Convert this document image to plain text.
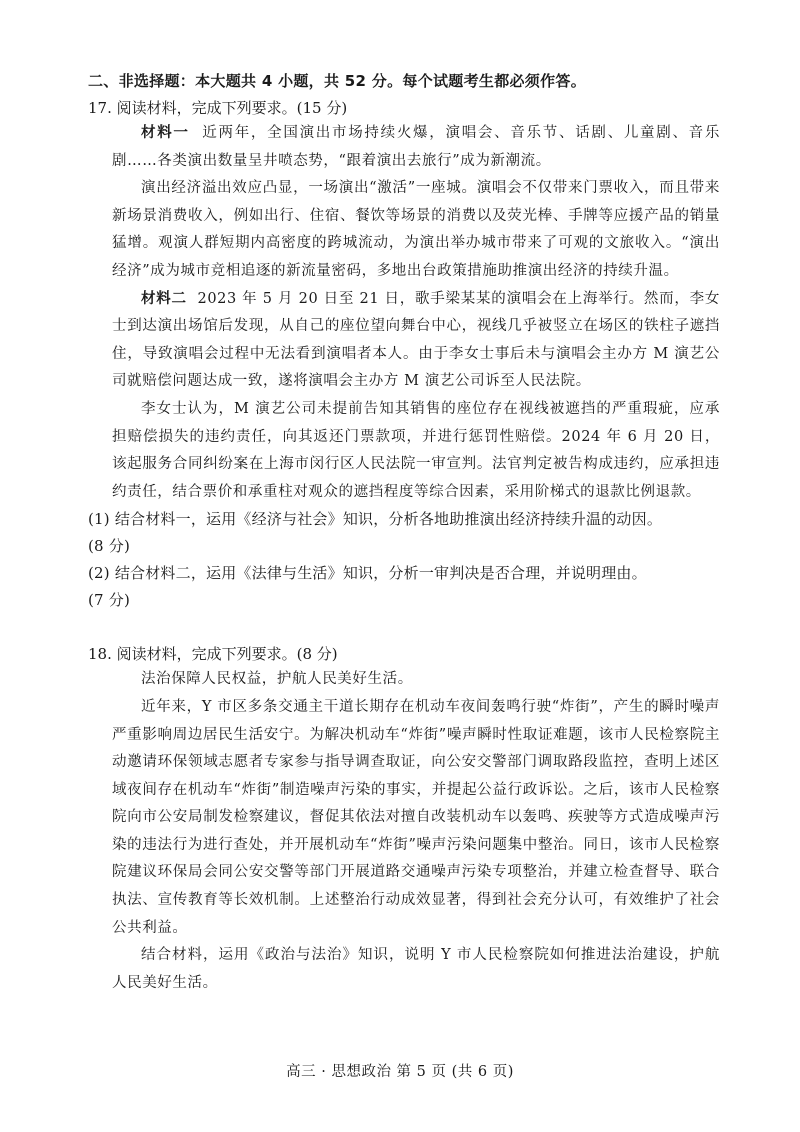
二、非选择题：本大题共 4 小题，共 52 分。每个试题考生都必须作答。

17. 阅读材料，完成下列要求。(15 分)

材料一 近两年，全国演出市场持续火爆，演唱会、音乐节、话剧、儿童剧、音乐剧……各类演出数量呈井喷态势，“跟着演出去旅行”成为新潮流。

演出经济溢出效应凸显，一场演出“激活”一座城。演唱会不仅带来门票收入，而且带来新场景消费收入，例如出行、住宿、餐饮等场景的消费以及荧光棒、手牌等应援产品的销量猛增。观演人群短期内高密度的跨城流动，为演出举办城市带来了可观的文旅收入。“演出经济”成为城市竞相追逐的新流量密码，多地出台政策措施助推演出经济的持续升温。

材料二 2023 年 5 月 20 日至 21 日，歌手梁某某的演唱会在上海举行。然而，李女士到达演出场馆后发现，从自己的座位望向舞台中心，视线几乎被竖立在场区的铁柱子遮挡住，导致演唱会过程中无法看到演唱者本人。由于李女士事后未与演唱会主办方 M 演艺公司就赔偿问题达成一致，遂将演唱会主办方 M 演艺公司诉至人民法院。

李女士认为，M 演艺公司未提前告知其销售的座位存在视线被遮挡的严重瑕疵，应承担赔偿损失的违约责任，向其返还门票款项，并进行惩罚性赔偿。2024 年 6 月 20 日，该起服务合同纠纷案在上海市闵行区人民法院一审宣判。法官判定被告构成违约，应承担违约责任，结合票价和承重柱对观众的遮挡程度等综合因素，采用阶梯式的退款比例退款。

(1) 结合材料一，运用《经济与社会》知识，分析各地助推演出经济持续升温的动因。
(8 分)

(2) 结合材料二，运用《法律与生活》知识，分析一审判决是否合理，并说明理由。
(7 分)

18. 阅读材料，完成下列要求。(8 分)

法治保障人民权益，护航人民美好生活。

近年来，Y 市区多条交通主干道长期存在机动车夜间轰鸣行驶“炸街”，产生的瞬时噪声严重影响周边居民生活安宁。为解决机动车“炸街”噪声瞬时性取证难题，该市人民检察院主动邀请环保领域志愿者专家参与指导调查取证，向公安交警部门调取路段监控，查明上述区域夜间存在机动车“炸街”制造噪声污染的事实，并提起公益行政诉讼。之后，该市人民检察院向市公安局制发检察建议，督促其依法对擅自改装机动车以轰鸣、疾驶等方式造成噪声污染的违法行为进行查处，并开展机动车“炸街”噪声污染问题集中整治。同日，该市人民检察院建议环保局会同公安交警等部门开展道路交通噪声污染专项整治，并建立检查督导、联合执法、宣传教育等长效机制。上述整治行动成效显著，得到社会充分认可，有效维护了社会公共利益。

结合材料，运用《政治与法治》知识，说明 Y 市人民检察院如何推进法治建设，护航人民美好生活。

高三 · 思想政治 第 5 页 (共 6 页)
